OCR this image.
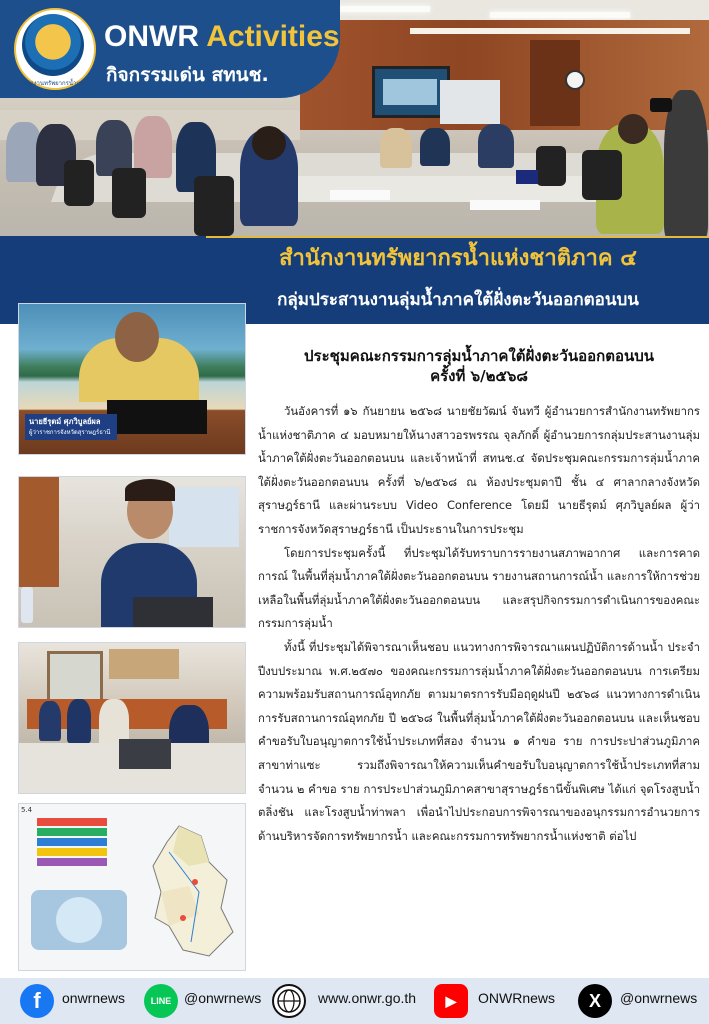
สำนักงานทรัพยากรน้ำแห่งชาติ
ONWR Activities
กิจกรรมเด่น สทนช.
สำนักงานทรัพยากรน้ำแห่งชาติภาค ๔
กลุ่มประสานงานลุ่มน้ำภาคใต้ฝั่งตะวันออกตอนบน
นายธีรุตม์ ศุภวิบูลย์ผล
ผู้ว่าราชการจังหวัดสุราษฎร์ธานี
5.4
ประชุมคณะกรรมการลุ่มน้ำภาคใต้ฝั่งตะวันออกตอนบน
ครั้งที่ ๖/๒๕๖๘

วันอังคารที่ ๑๖ กันยายน ๒๕๖๘ นายชัยวัฒน์ จันทวี ผู้อำนวยการสำนักงานทรัพยากรน้ำแห่งชาติภาค ๔ มอบหมายให้นางสาวอรพรรณ จุลภักดิ์ ผู้อำนวยการกลุ่มประสานงานลุ่มน้ำภาคใต้ฝั่งตะวันออกตอนบน และเจ้าหน้าที่ สทนช.๔ จัดประชุมคณะกรรมการลุ่มน้ำภาคใต้ฝั่งตะวันออกตอนบน ครั้งที่ ๖/๒๕๖๘ ณ ห้องประชุมตาปี ชั้น ๔ ศาลากลางจังหวัดสุราษฎร์ธานี และผ่านระบบ Video Conference โดยมี นายธีรุตม์ ศุภวิบูลย์ผล ผู้ว่าราชการจังหวัดสุราษฎร์ธานี เป็นประธานในการประชุม

โดยการประชุมครั้งนี้ ที่ประชุมได้รับทราบการรายงานสภาพอากาศ และการคาดการณ์ ในพื้นที่ลุ่มน้ำภาคใต้ฝั่งตะวันออกตอนบน รายงานสถานการณ์น้ำ และการให้การช่วยเหลือในพื้นที่ลุ่มน้ำภาคใต้ฝั่งตะวันออกตอนบน และสรุปกิจกรรมการดำเนินการของคณะกรรมการลุ่มน้ำ

ทั้งนี้ ที่ประชุมได้พิจารณาเห็นชอบ แนวทางการพิจารณาแผนปฏิบัติการด้านน้ำ ประจำปีงบประมาณ พ.ศ.๒๕๗๐ ของคณะกรรมการลุ่มน้ำภาคใต้ฝั่งตะวันออกตอนบน การเตรียมความพร้อมรับสถานการณ์อุทกภัย ตามมาตรการรับมือฤดูฝนปี ๒๕๖๘ แนวทางการดำเนินการรับสถานการณ์อุทกภัย ปี ๒๕๖๘ ในพื้นที่ลุ่มน้ำภาคใต้ฝั่งตะวันออกตอนบน และเห็นชอบคำขอรับใบอนุญาตการใช้น้ำประเภทที่สอง จำนวน ๑ คำขอ ราย การประปาส่วนภูมิภาคสาขาท่าแซะ รวมถึงพิจารณาให้ความเห็นคำขอรับใบอนุญาตการใช้น้ำประเภทที่สาม จำนวน ๒ คำขอ ราย การประปาส่วนภูมิภาคสาขาสุราษฎร์ธานีขั้นพิเศษ ได้แก่ จุดโรงสูบน้ำตลิ่งชัน และโรงสูบน้ำท่าพลา เพื่อนำไปประกอบการพิจารณาของอนุกรรมการอำนวยการด้านบริหารจัดการทรัพยากรน้ำ และคณะกรรมการทรัพยากรน้ำแห่งชาติ ต่อไป

f	onwrnews	LINE @onwrnews	www.onwr.go.th	▶	ONWRnews	X	@onwrnews
